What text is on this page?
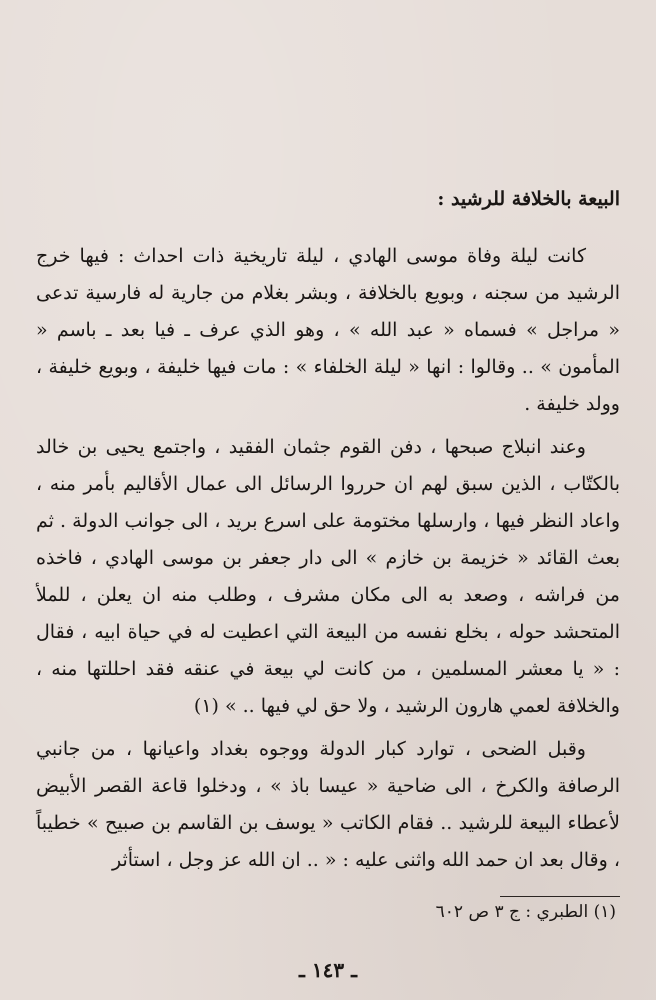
البيعة بالخلافة للرشيد :

كانت ليلة وفاة موسى الهادي ، ليلة تاريخية ذات احداث : فيها خرج الرشيد من سجنه ، وبويع بالخلافة ، وبشر بغلام من جارية له فارسية تدعى « مراجل » فسماه « عبد الله » ، وهو الذي عرف ـ فيا بعد ـ باسم « المأمون » .. وقالوا : انها « ليلة الخلفاء » : مات فيها خليفة ، وبويع خليفة ، وولد خليفة .

وعند انبلاج صبحها ، دفن القوم جثمان الفقيد ، واجتمع يحيى بن خالد بالكتّاب ، الذين سبق لهم ان حرروا الرسائل الى عمال الأقاليم بأمر منه ، واعاد النظر فيها ، وارسلها مختومة على اسرع بريد ، الى جوانب الدولة . ثم بعث القائد « خزيمة بن خازم » الى دار جعفر بن موسى الهادي ، فاخذه من فراشه ، وصعد به الى مكان مشرف ، وطلب منه ان يعلن ، للملأ المتحشد حوله ، بخلع نفسه من البيعة التي اعطيت له في حياة ابيه ، فقال : « يا معشر المسلمين ، من كانت لي بيعة في عنقه فقد احللتها منه ، والخلافة لعمي هارون الرشيد ، ولا حق لي فيها .. » (١)

وقبل الضحى ، توارد كبار الدولة ووجوه بغداد واعيانها ، من جانبي الرصافة والكرخ ، الى ضاحية « عيسا باذ » ، ودخلوا قاعة القصر الأبيض لأعطاء البيعة للرشيد .. فقام الكاتب « يوسف بن القاسم بن صبيح » خطيباً ، وقال بعد ان حمد الله واثنى عليه : « .. ان الله عز وجل ، استأثر

(١) الطبري : ج ٣ ص ٦٠٢
ـ ١٤٣ ـ
